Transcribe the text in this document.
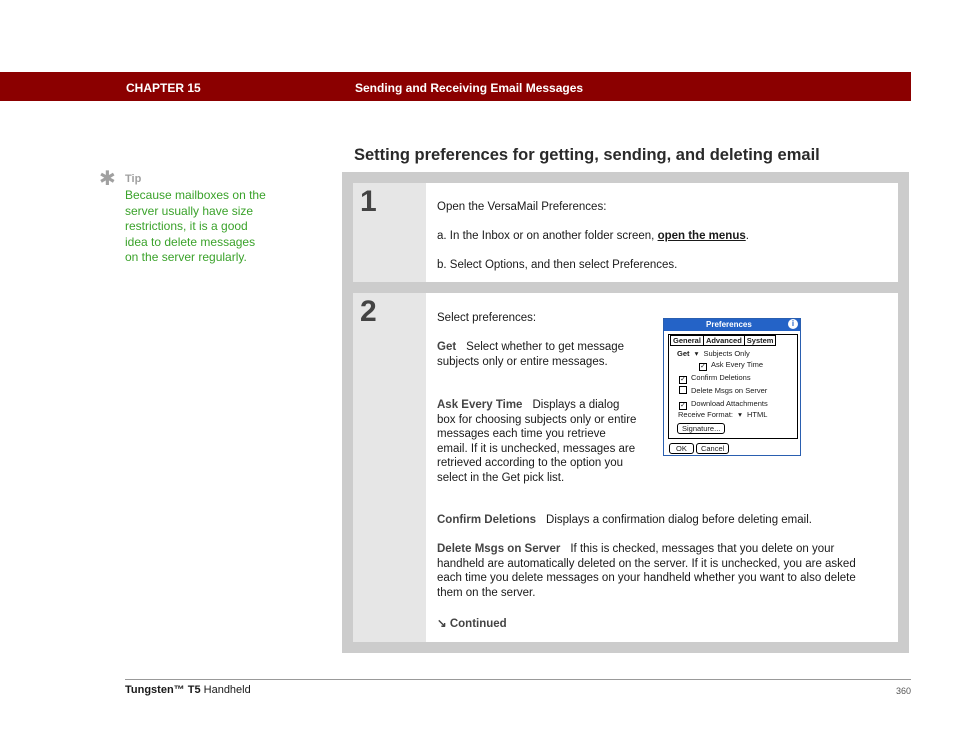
CHAPTER 15	Sending and Receiving Email Messages
Setting preferences for getting, sending, and deleting email
✱ Tip
Because mailboxes on the server usually have size restrictions, it is a good idea to delete messages on the server regularly.
1	Open the VersaMail Preferences:
a. In the Inbox or on another folder screen, open the menus.
b. Select Options, and then select Preferences.
2	Select preferences:
Get Select whether to get message subjects only or entire messages.
Ask Every Time Displays a dialog box for choosing subjects only or entire messages each time you retrieve email. If it is unchecked, messages are retrieved according to the option you select in the Get pick list.
Confirm Deletions Displays a confirmation dialog before deleting email.
Delete Msgs on Server If this is checked, messages that you delete on your handheld are automatically deleted on the server. If it is unchecked, you are asked each time you delete messages on your handheld whether you want to also delete them on the server.
↘ Continued
Preferences	i
General Advanced System
Get ▾ Subjects Only
✓ Ask Every Time
✓ Confirm Deletions
Delete Msgs on Server
✓ Download Attachments
Receive Format: ▾ HTML
Signature...
OK Cancel
Tungsten™ T5 Handheld	360
